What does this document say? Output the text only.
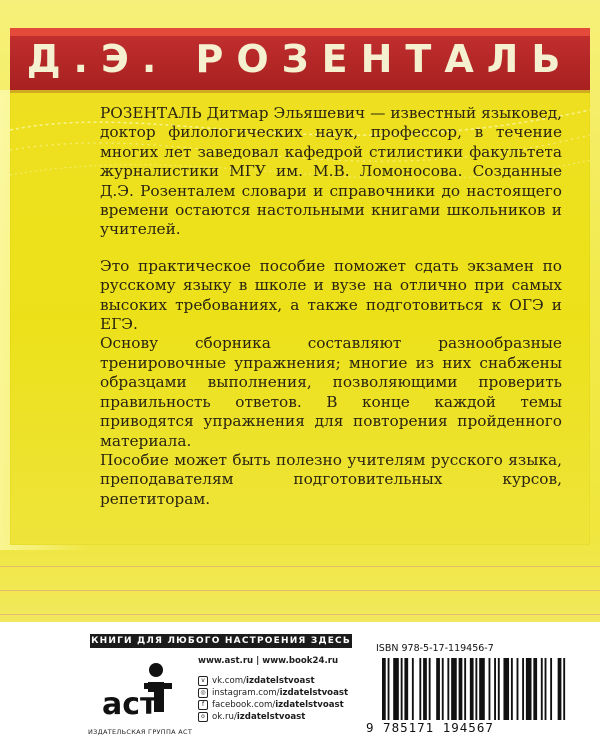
Д.Э. РОЗЕНТАЛЬ

РОЗЕНТАЛЬ Дитмар Эльяшевич — известный языковед, доктор филологических наук, профессор, в течение многих лет заведовал кафедрой стилистики факультета журналистики МГУ им. М.В. Ломоносова. Созданные Д.Э. Розенталем словари и справочники до настоящего времени остаются настольными книгами школьников и учителей.

Это практическое пособие поможет сдать экзамен по русскому языку в школе и вузе на отлично при самых высоких требованиях, а также подготовиться к ОГЭ и ЕГЭ.

Основу сборника составляют разнообразные тренировочные упражнения; многие из них снабжены образцами выполнения, позволяющими проверить правильность ответов. В конце каждой темы приводятся упражнения для повторения пройденного материала.

Пособие может быть полезно учителям русского языка, преподавателям подготовительных курсов, репетиторам.

КНИГИ ДЛЯ ЛЮБОГО НАСТРОЕНИЯ ЗДЕСЬ
аст
ИЗДАТЕЛЬСКАЯ ГРУППА АСТ
www.ast.ru | www.book24.ru
v vk.com/ izdatelstvoast
◎ instagram.com/ izdatelstvoast
f facebook.com/ izdatelstvoast
o ok.ru/ izdatelstvoast
ISBN 978-5-17-119456-7
9 785171 194567
